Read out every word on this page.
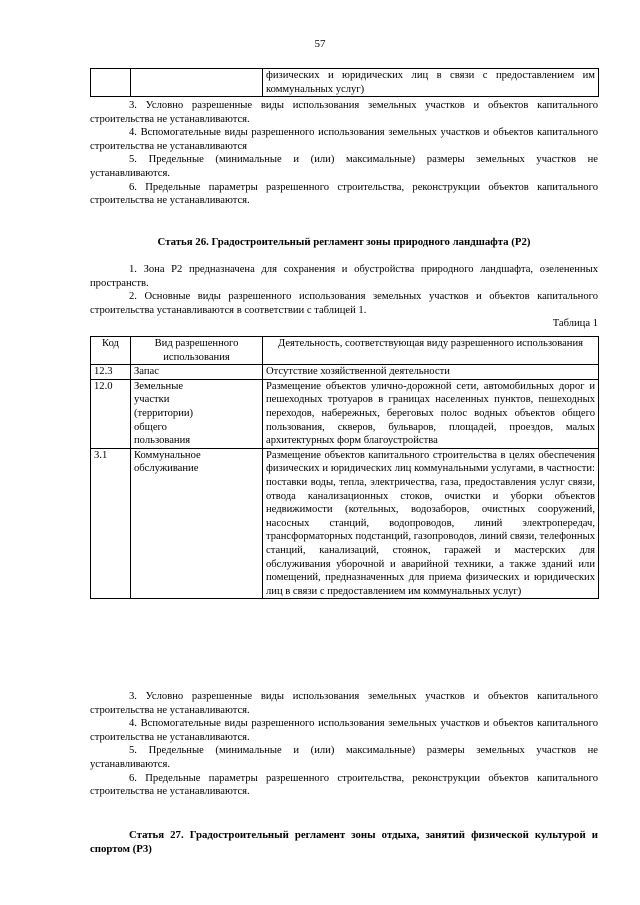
57
		физических и юридических лиц в связи с предоставлением им коммунальных услуг)

3. Условно разрешенные виды использования земельных участков и объектов капитального строительства не устанавливаются.

4. Вспомогательные виды разрешенного использования земельных участков и объектов капитального строительства не устанавливаются

5. Предельные (минимальные и (или) максимальные) размеры земельных участков не устанавливаются.

6. Предельные параметры разрешенного строительства, реконструкции объектов капитального строительства не устанавливаются.

Статья 26. Градостроительный регламент зоны природного ландшафта (Р2)

1. Зона Р2 предназначена для сохранения и обустройства природного ландшафта, озелененных пространств.

2. Основные виды разрешенного использования земельных участков и объектов капитального строительства устанавливаются в соответствии с таблицей 1.

Таблица 1
Код	Вид разрешенного использования	Деятельность, соответствующая виду разрешенного использования
12.3	Запас	Отсутствие хозяйственной деятельности
12.0	Земельные участки (территории) общего пользования	Размещение объектов улично-дорожной сети, автомобильных дорог и пешеходных тротуаров в границах населенных пунктов, пешеходных переходов, набережных, береговых полос водных объектов общего пользования, скверов, бульваров, площадей, проездов, малых архитектурных форм благоустройства
3.1	Коммунальное обслуживание	Размещение объектов капитального строительства в целях обеспечения физических и юридических лиц коммунальными услугами, в частности: поставки воды, тепла, электричества, газа, предоставления услуг связи, отвода канализационных стоков, очистки и уборки объектов недвижимости (котельных, водозаборов, очистных сооружений, насосных станций, водопроводов, линий электропередач, трансформаторных подстанций, газопроводов, линий связи, телефонных станций, канализаций, стоянок, гаражей и мастерских для обслуживания уборочной и аварийной техники, а также зданий или помещений, предназначенных для приема физических и юридических лиц в связи с предоставлением им коммунальных услуг)

3. Условно разрешенные виды использования земельных участков и объектов капитального строительства не устанавливаются.

4. Вспомогательные виды разрешенного использования земельных участков и объектов капитального строительства не устанавливаются.

5. Предельные (минимальные и (или) максимальные) размеры земельных участков не устанавливаются.

6. Предельные параметры разрешенного строительства, реконструкции объектов капитального строительства не устанавливаются.

Статья 27. Градостроительный регламент зоны отдыха, занятий физической культурой и спортом (Р3)
